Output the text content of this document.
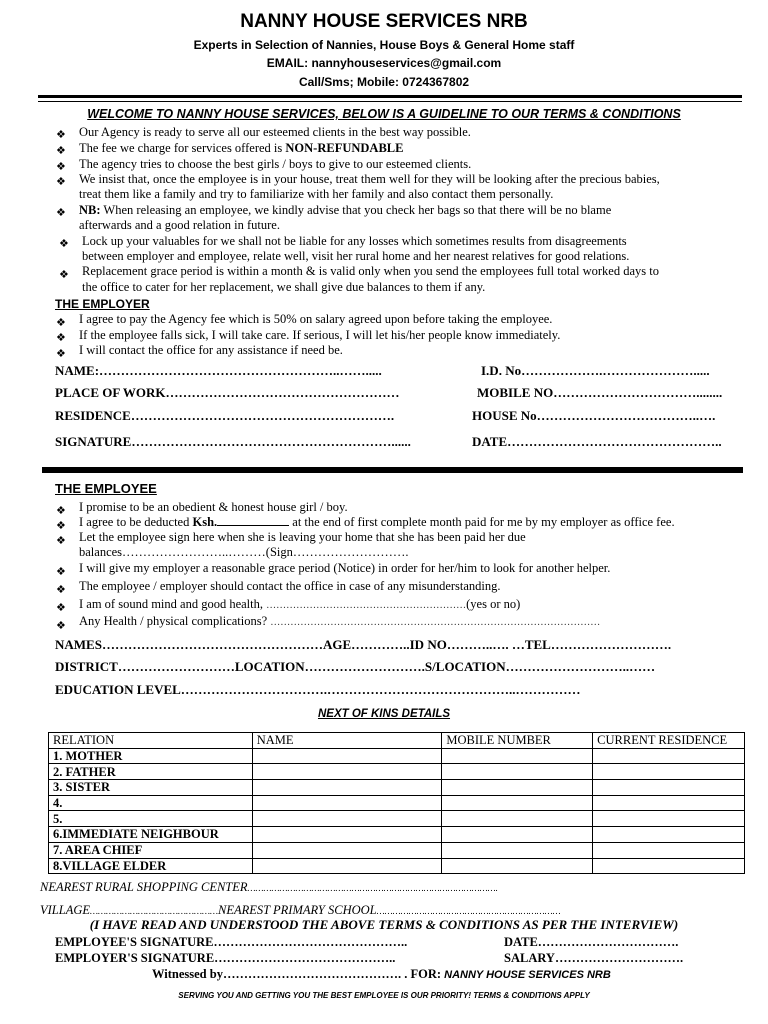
NANNY HOUSE SERVICES NRB
Experts in Selection of Nannies, House Boys & General Home staff
EMAIL: nannyhouseservices@gmail.com
Call/Sms; Mobile: 0724367802
WELCOME TO NANNY HOUSE SERVICES, BELOW IS A GUIDELINE TO OUR TERMS & CONDITIONS
❖ Our Agency is ready to serve all our esteemed clients in the best way possible.
❖ The fee we charge for services offered is NON-REFUNDABLE
❖ The agency tries to choose the best girls / boys to give to our esteemed clients.
❖ We insist that, once the employee is in your house, treat them well for they will be looking after the precious babies,
treat them like a family and try to familiarize with her family and also contact them personally.
❖ NB: When releasing an employee, we kindly advise that you check her bags so that there will be no blame
afterwards and a good relation in future.
❖ Lock up your valuables for we shall not be liable for any losses which sometimes results from disagreements
between employer and employee, relate well, visit her rural home and her nearest relatives for good relations.
❖ Replacement grace period is within a month & is valid only when you send the employees full total worked days to
the office to cater for her replacement, we shall give due balances to them if any.
THE EMPLOYER
❖ I agree to pay the Agency fee which is 50% on salary agreed upon before taking the employee.
❖ If the employee falls sick, I will take care. If serious, I will let his/her people know immediately.
❖ I will contact the office for any assistance if need be.
NAME:………………………………………………..…….....	I.D. No……………….………………….....
PLACE OF WORK………………………………………………	MOBILE NO……………………………........
RESIDENCE…………………………………………………….	HOUSE No………………………………..….
SIGNATURE……………………………………………………......	DATE…………………………………………..
THE EMPLOYEE
❖ I promise to be an obedient & honest house girl / boy.
❖ I agree to be deducted Ksh.	at the end of first complete month paid for me by my employer as office fee.
❖ Let the employee sign here when she is leaving your home that she has been paid her due
balances……………………..………(Sign……………………….
❖ I will give my employer a reasonable grace period (Notice) in order for her/him to look for another helper.
❖ The employee / employer should contact the office in case of any misunderstanding.
❖ I am of sound mind and good health, ……………………………………………………(yes or no)
❖ Any Health / physical complications? ………………………………………………………………………………………
NAMES……………………………………………AGE…………..ID NO………..…. …TEL……………………….
DISTRICT………………………LOCATION……………………….S/LOCATION………………………..……
EDUCATION LEVEL…………………………….……………………………………..……………
NEXT OF KINS DETAILS
RELATION	NAME	MOBILE NUMBER	CURRENT RESIDENCE
1. MOTHER			
2. FATHER			
3. SISTER			
4.			
5.			
6.IMMEDIATE NEIGHBOUR			
7. AREA CHIEF			
8.VILLAGE ELDER			
NEAREST RURAL SHOPPING CENTER………………………………………………………………………………….
VILLAGE…………………………………………NEAREST PRIMARY SCHOOL……………………………………………………………
(I HAVE READ AND UNDERSTOOD THE ABOVE TERMS & CONDITIONS AS PER THE INTERVIEW)
EMPLOYEE'S SIGNATURE………………………………………..	DATE…………………………….
EMPLOYER'S SIGNATURE……………………………………..	SALARY………………………….
Witnessed by……………………………………. . FOR: NANNY HOUSE SERVICES NRB
SERVING YOU AND GETTING YOU THE BEST EMPLOYEE IS OUR PRIORITY! TERMS & CONDITIONS APPLY
